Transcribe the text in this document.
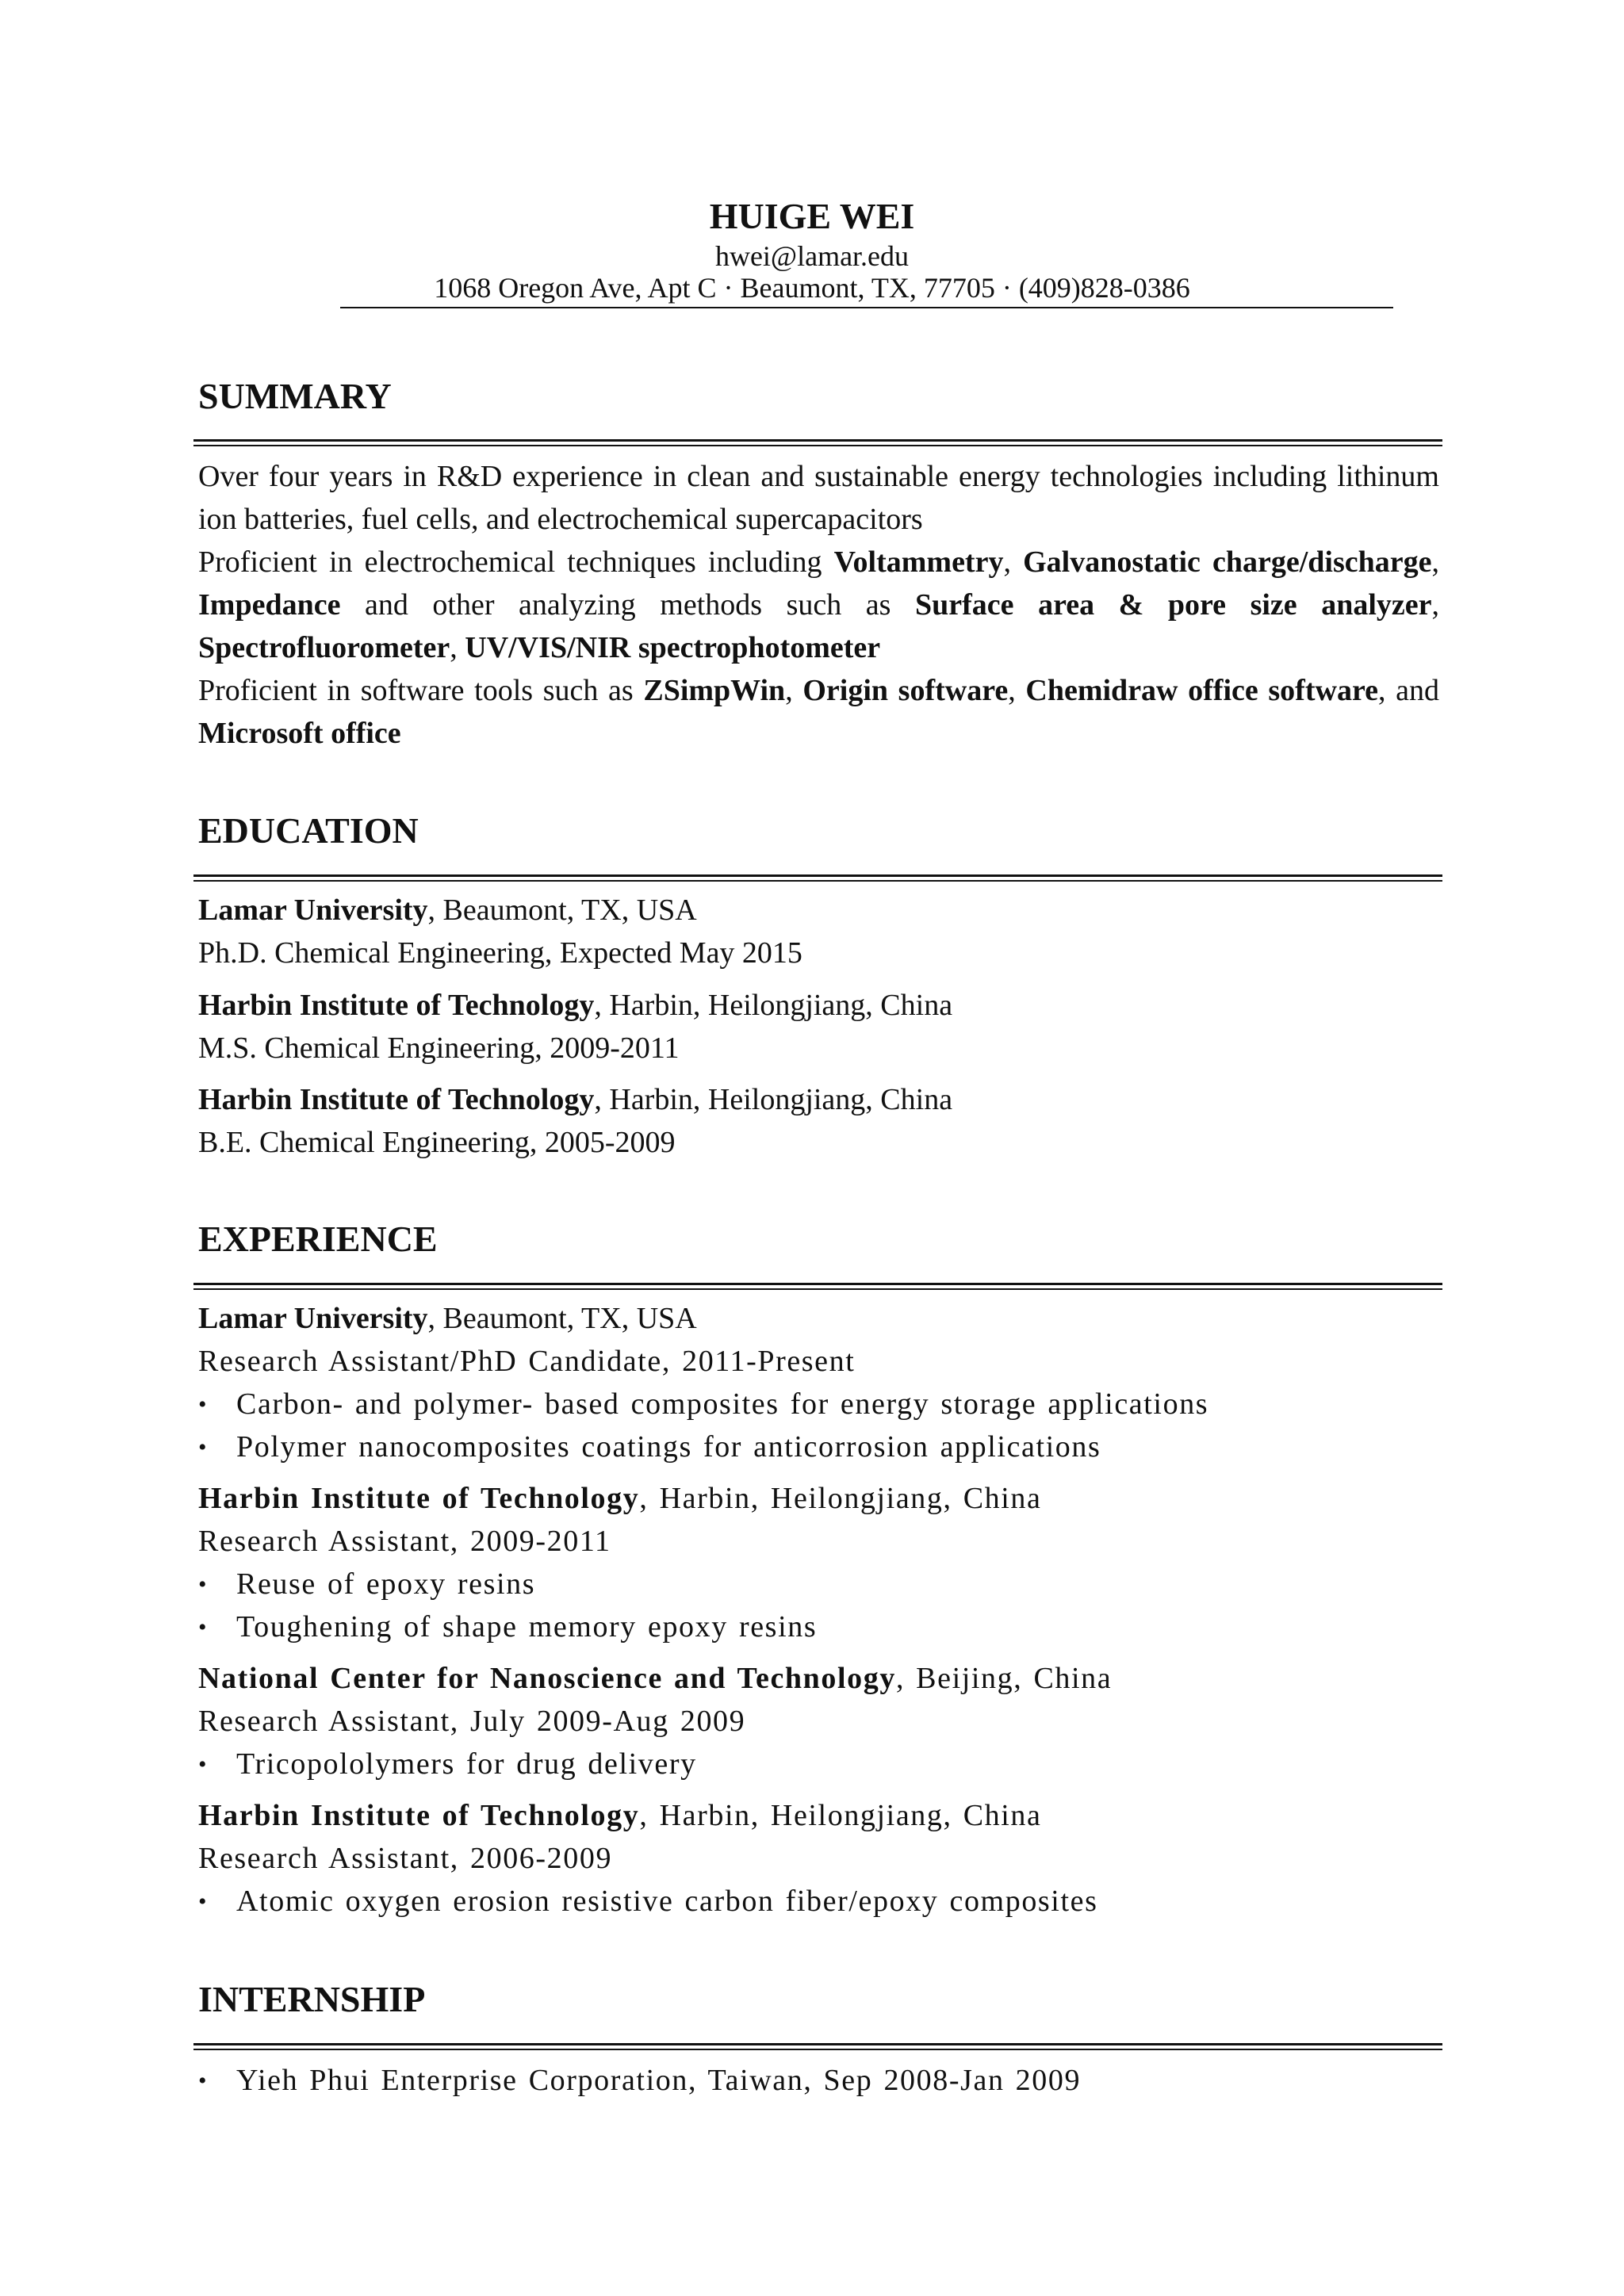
HUIGE WEI
hwei@lamar.edu
1068 Oregon Ave, Apt C · Beaumont, TX, 77705 · (409)828-0386
SUMMARY

Over four years in R&D experience in clean and sustainable energy technologies including lithinum ion batteries, fuel cells, and electrochemical supercapacitors

Proficient in electrochemical techniques including Voltammetry, Galvanostatic charge/discharge, Impedance and other analyzing methods such as Surface area & pore size analyzer, Spectrofluorometer, UV/VIS/NIR spectrophotometer

Proficient in software tools such as ZSimpWin, Origin software, Chemidraw office software, and Microsoft office

EDUCATION
Lamar University, Beaumont, TX, USA
Ph.D. Chemical Engineering, Expected May 2015
Harbin Institute of Technology, Harbin, Heilongjiang, China
M.S. Chemical Engineering, 2009-2011
Harbin Institute of Technology, Harbin, Heilongjiang, China
B.E. Chemical Engineering, 2005-2009
EXPERIENCE
Lamar University, Beaumont, TX, USA
Research Assistant/PhD Candidate, 2011-Present
• Carbon- and polymer- based composites for energy storage applications
• Polymer nanocomposites coatings for anticorrosion applications
Harbin Institute of Technology, Harbin, Heilongjiang, China
Research Assistant, 2009-2011
• Reuse of epoxy resins
• Toughening of shape memory epoxy resins
National Center for Nanoscience and Technology, Beijing, China
Research Assistant, July 2009-Aug 2009
• Tricopololymers for drug delivery
Harbin Institute of Technology, Harbin, Heilongjiang, China
Research Assistant, 2006-2009
• Atomic oxygen erosion resistive carbon fiber/epoxy composites
INTERNSHIP
• Yieh Phui Enterprise Corporation, Taiwan, Sep 2008-Jan 2009
